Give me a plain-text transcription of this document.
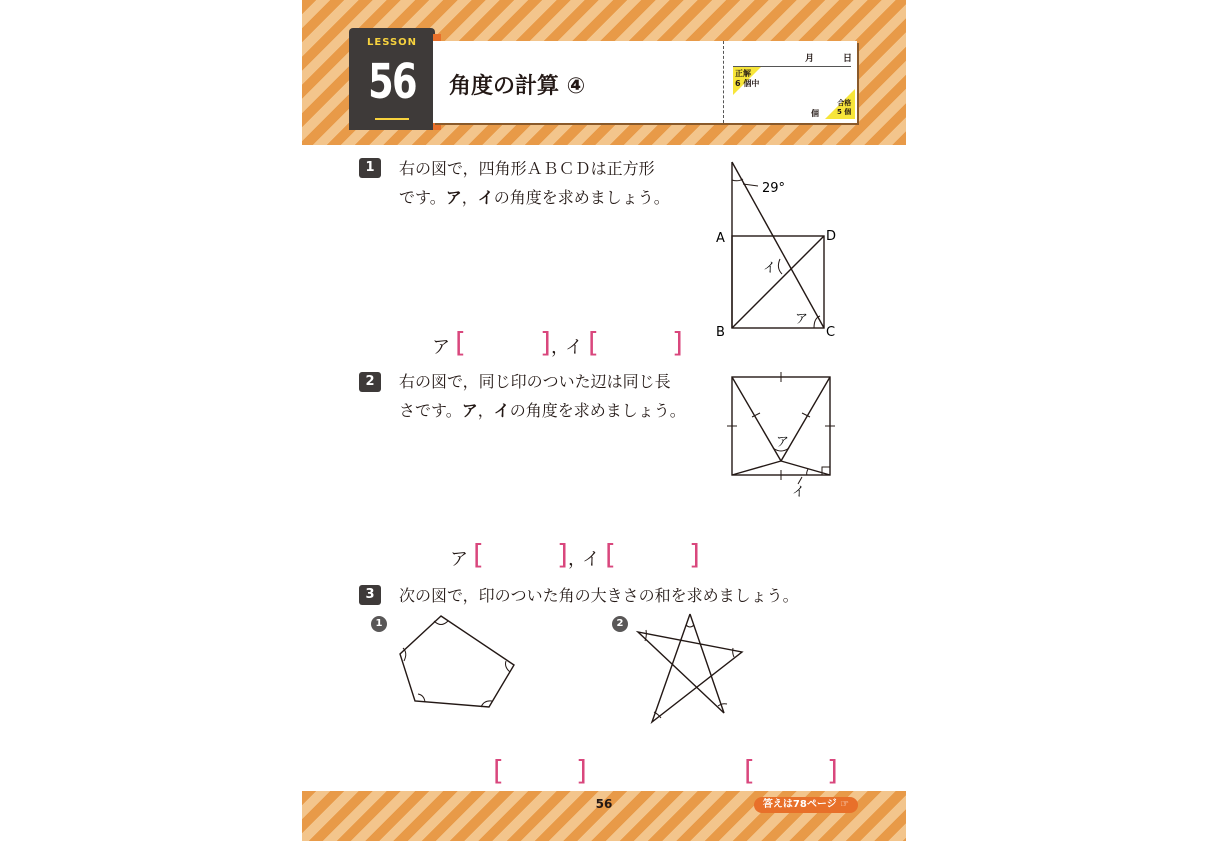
LESSON
56	角度の計算 ④
月	日
正解
6 個中
個
合格
5 個
1	右の図で，四角形ＡＢＣＤは正方形
です。ア，イの角度を求めましょう。	29°
A
B	C
D
イ
ア
ア [	] ，
イ [	]
2	右の図で，同じ印のついた辺は同じ長
さです。ア，イの角度を求めましょう。
ア
イ
ア [	] ，
イ [	]
3	次の図で，印のついた角の大きさの和を求めましょう。
1	2
[	]	[	]
56	答えは78ページ ☞
